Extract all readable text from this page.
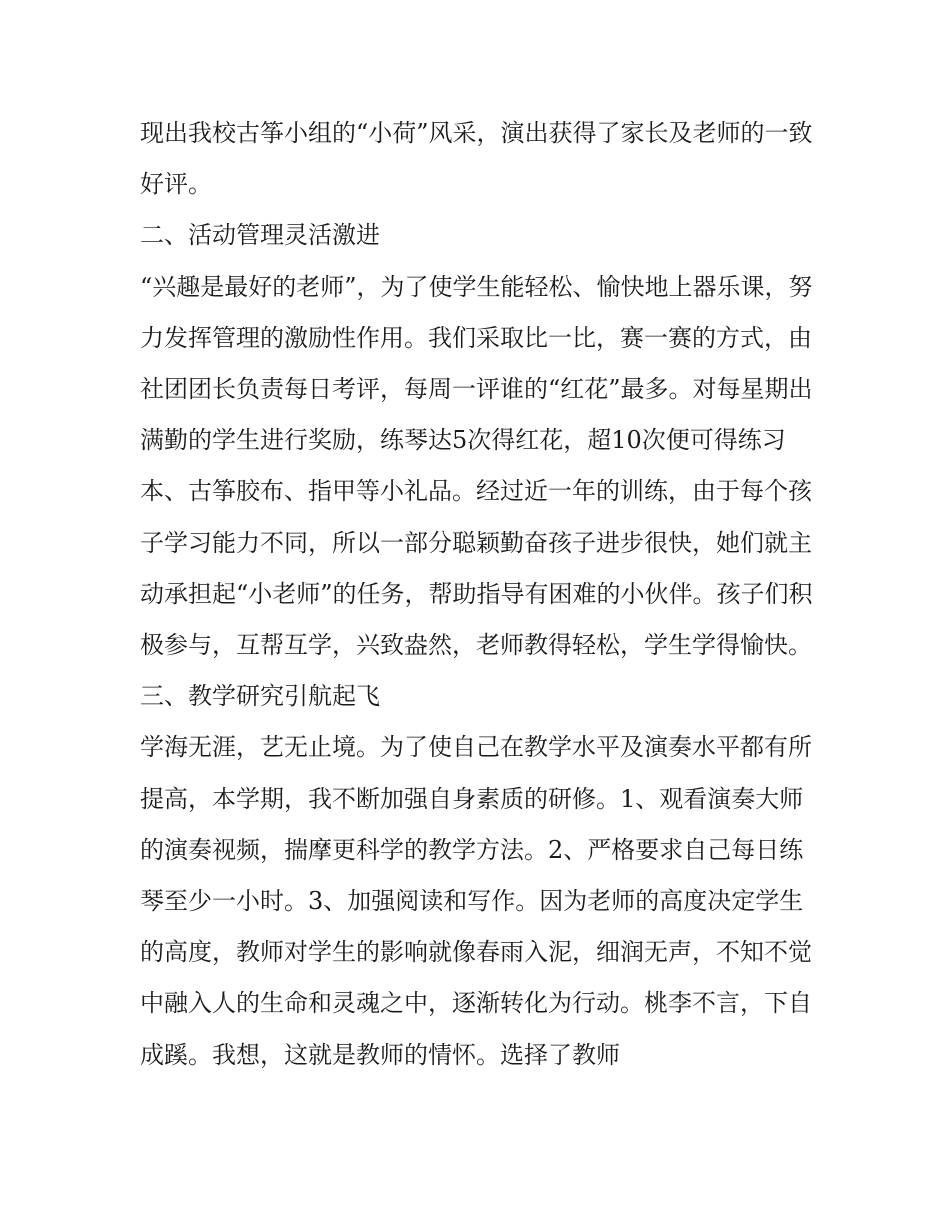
现出我校古筝小组的“小荷”风采，演出获得了家长及老师的一致好评。

二、活动管理灵活激进

“兴趣是最好的老师”，为了使学生能轻松、愉快地上器乐课，努力发挥管理的激励性作用。我们采取比一比，赛一赛的方式，由社团团长负责每日考评，每周一评谁的“红花”最多。对每星期出满勤的学生进行奖励，练琴达5次得红花，超10次便可得练习本、古筝胶布、指甲等小礼品。经过近一年的训练，由于每个孩子学习能力不同，所以一部分聪颖勤奋孩子进步很快，她们就主动承担起“小老师”的任务，帮助指导有困难的小伙伴。孩子们积极参与，互帮互学，兴致盎然，老师教得轻松，学生学得愉快。

三、教学研究引航起飞

学海无涯，艺无止境。为了使自己在教学水平及演奏水平都有所提高，本学期，我不断加强自身素质的研修。1、观看演奏大师的演奏视频，揣摩更科学的教学方法。2、严格要求自己每日练琴至少一小时。3、加强阅读和写作。因为老师的高度决定学生的高度，教师对学生的影响就像春雨入泥，细润无声，不知不觉中融入人的生命和灵魂之中，逐渐转化为行动。桃李不言，下自成蹊。我想，这就是教师的情怀。选择了教师
